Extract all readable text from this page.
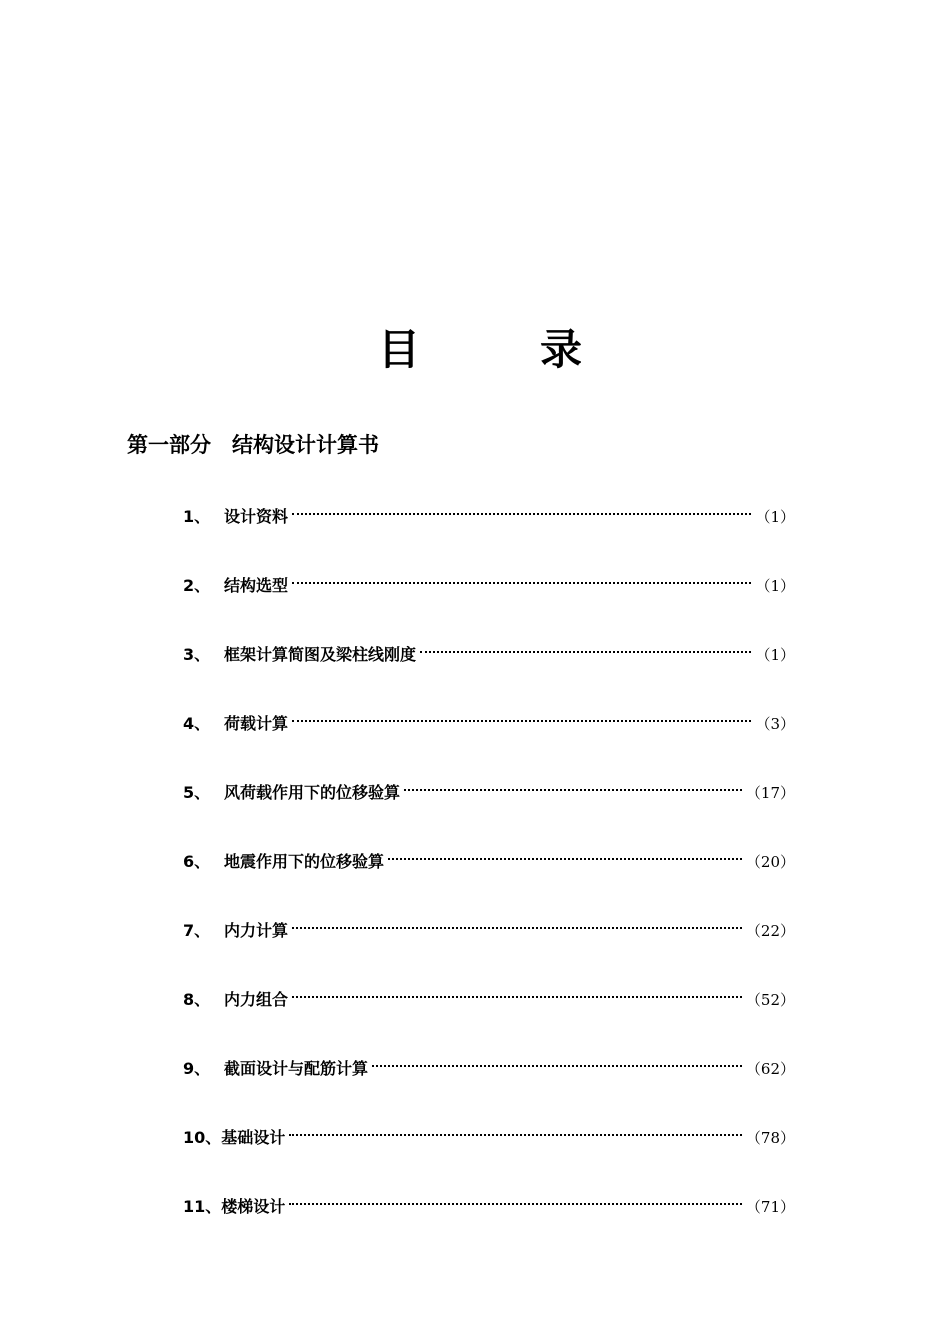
目	录
第一部分　结构设计计算书
1、 设计资料	（1）
2、 结构选型	（1）
3、 框架计算简图及梁柱线刚度	（1）
4、 荷载计算	（3）
5、 风荷载作用下的位移验算	（17）
6、 地震作用下的位移验算	（20）
7、 内力计算	（22）
8、 内力组合	（52）
9、 截面设计与配筋计算	（62）
10、 基础设计	（78）
11、 楼梯设计	（71）
